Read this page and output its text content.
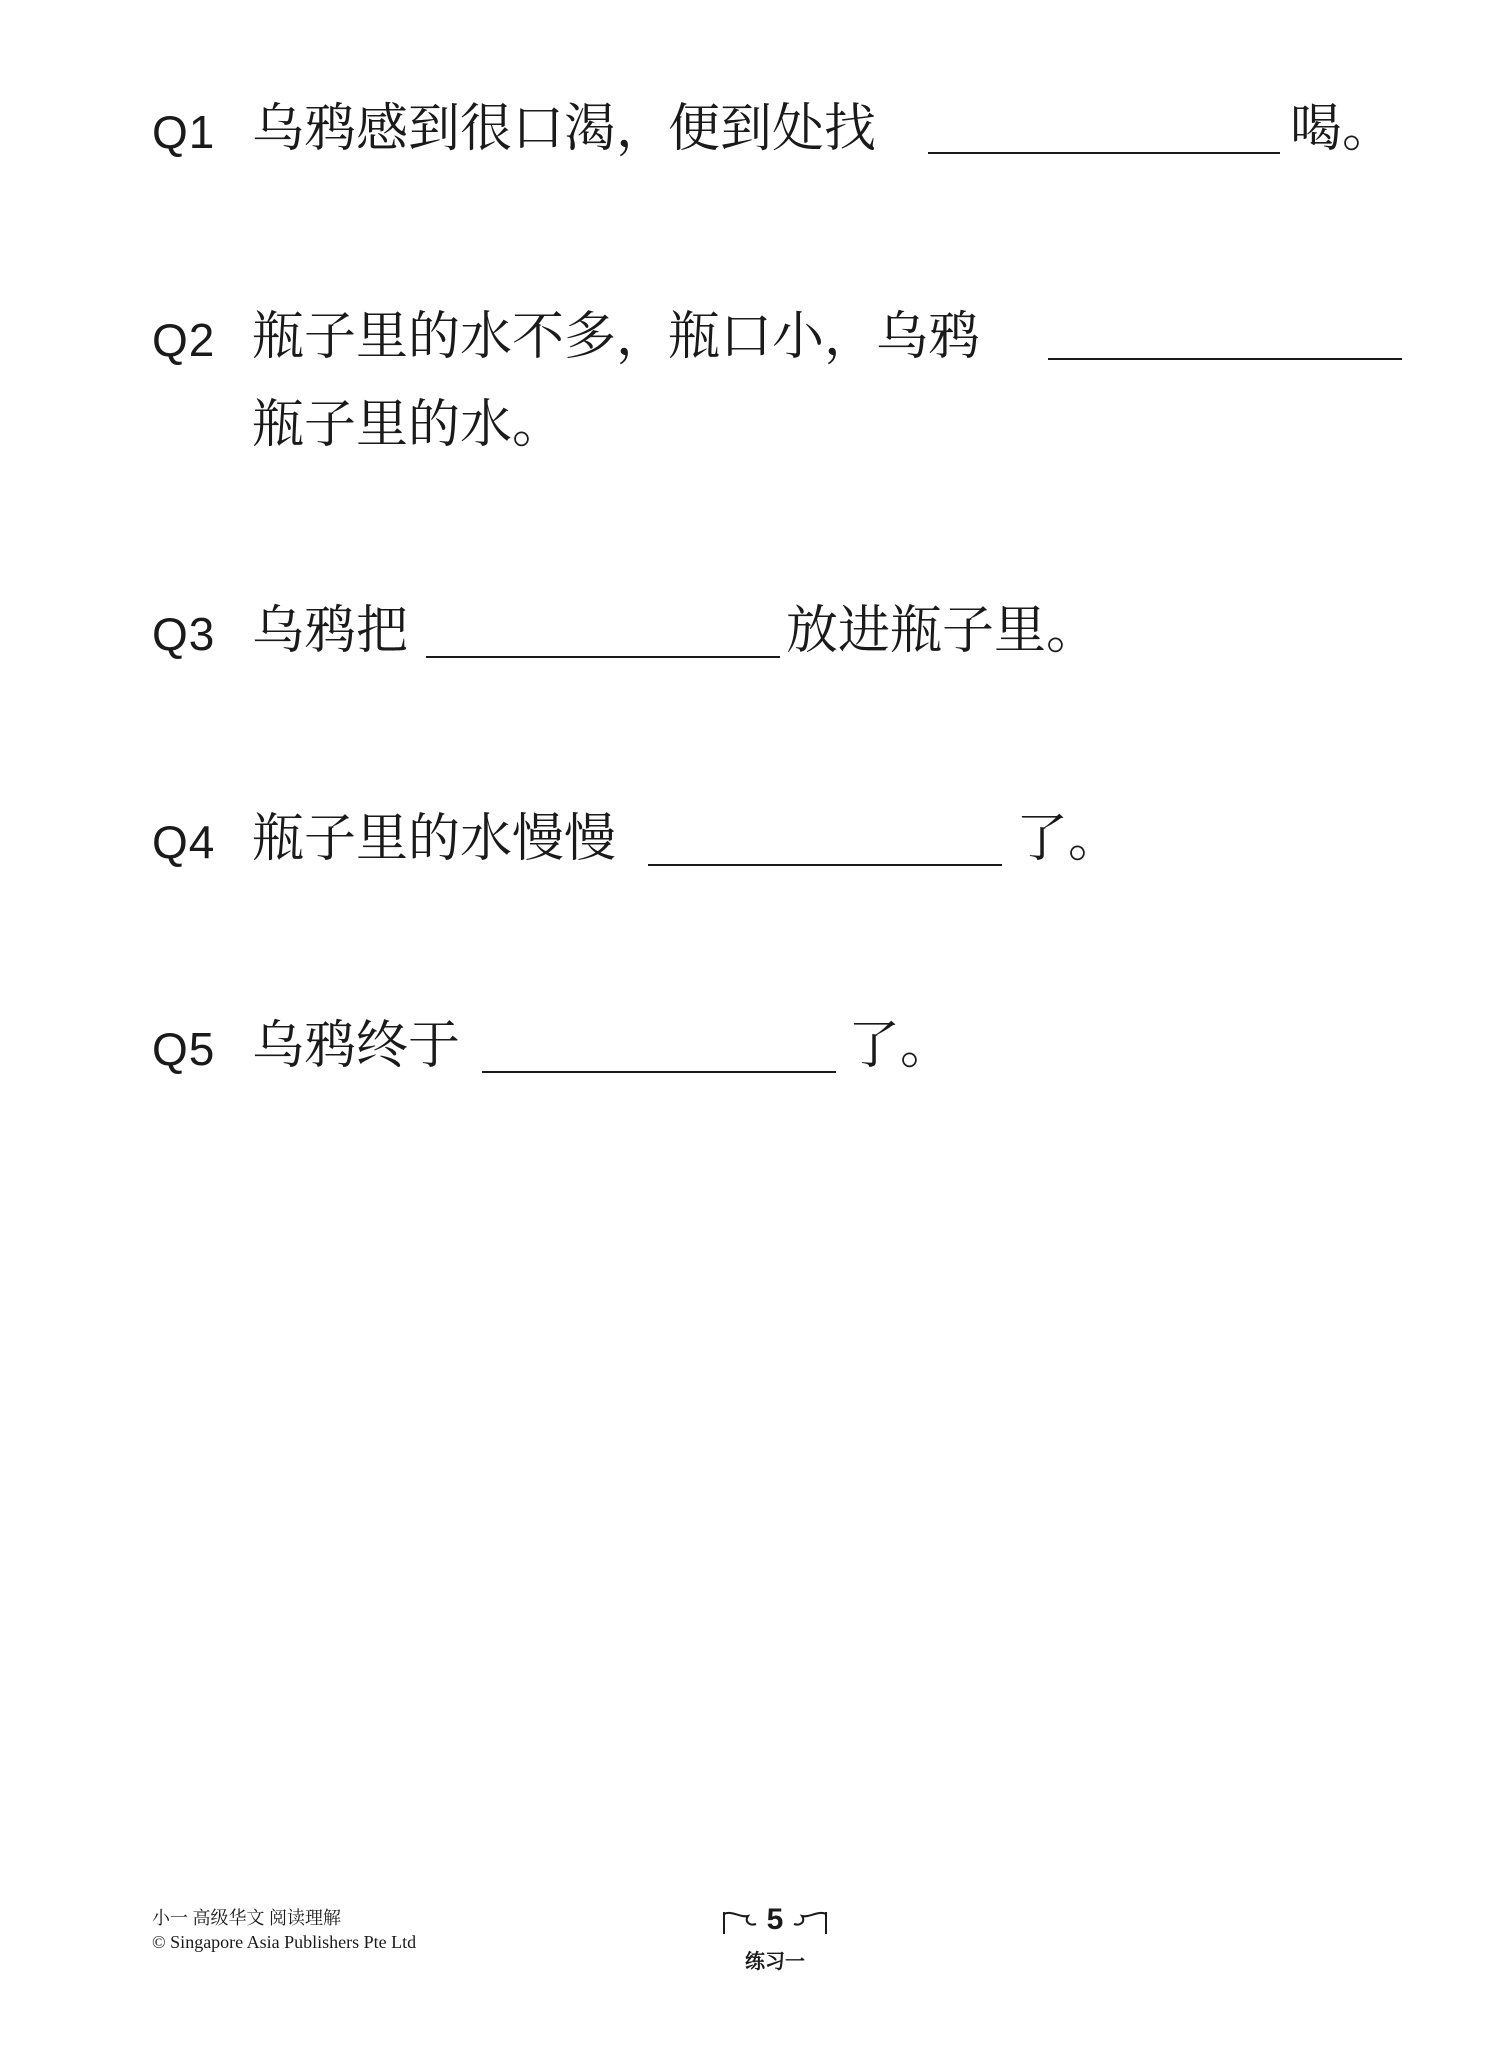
Q1 乌鸦感到很口渴，便到处找	喝。
Q2 瓶子里的水不多，瓶口小，乌鸦
瓶子里的水。
Q3 乌鸦把	放进瓶子里。
Q4 瓶子里的水慢慢	了。
Q5 乌鸦终于	了。
小一 高级华文 阅读理解
© Singapore Asia Publishers Pte Ltd
5
练习一
